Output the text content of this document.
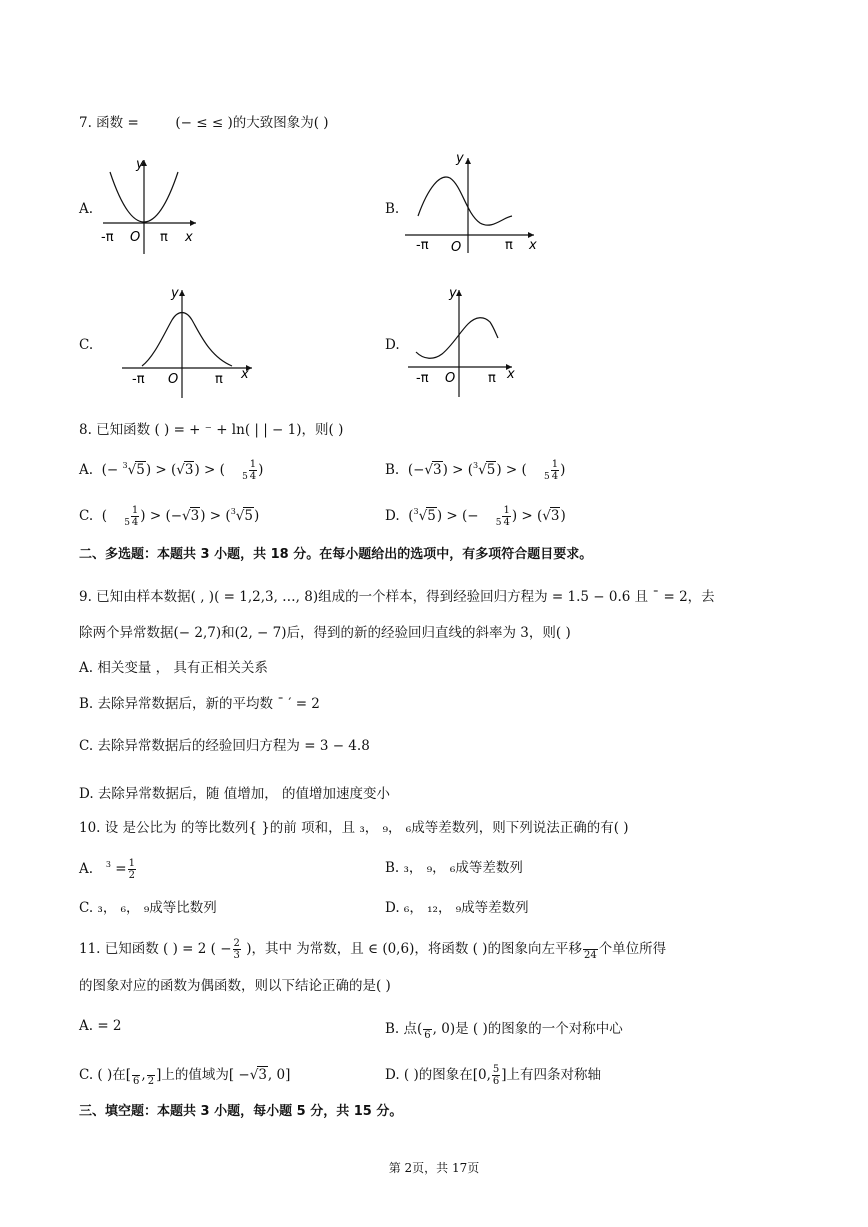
7. 函数 =	(− ≤ ≤ )的大致图象为( )
A.	B.
C.	D.
y
-π O π x
y
-π O	π x
y
-π O	π x
y
-π O	π x
8. 已知函数 ( ) = + ⁻ + ln( | | − 1)，则( )
A. (− $^3$√5) > (√3) > ( $_5 \frac{1}{4}$ )	B. (−√3) > ($^3$√5) > ( $_5 \frac{1}{4}$ )
C. ( $_5 \frac{1}{4}$ ) > (−√3) > ($^3$√5)	D. ($^3$√5) > (− $_5 \frac{1}{4}$ ) > (√3)
二、多选题：本题共 3 小题，共 18 分。在每小题给出的选项中，有多项符合题目要求。
9. 已知由样本数据( , )( = 1,2,3, …, 8)组成的一个样本，得到经验回归方程为 = 1.5 − 0.6 且 ¯ = 2，去
除两个异常数据(− 2,7)和(2, − 7)后，得到的新的经验回归直线的斜率为 3，则( )
A. 相关变量 ， 具有正相关关系
B. 去除异常数据后，新的平均数 ¯ ′ = 2
C. 去除异常数据后的经验回归方程为 = 3 − 4.8
D. 去除异常数据后，随 值增加， 的值增加速度变小
10. 设 是公比为 的等比数列{ }的前 项和，且 ₃， ₉， ₆成等差数列，则下列说法正确的有( )
A. $^3 = \frac{1}{2}$	B. ₃， ₉， ₆成等差数列
C. ₃， ₆， ₉成等比数列	D. ₆， ₁₂， ₉成等差数列
11. 已知函数 ( ) = 2 ( − $\frac{2}{3}$ )，其中 为常数，且 ∈ (0,6)，将函数 ( )的图象向左平移
24 个单位所得
的图象对应的函数为偶函数，则以下结论正确的是( )
A. = 2	B. 点(
6 , 0)是 ( )的图象的一个对称中心
C. ( )在[
6 ,
2 ]上的值域为[ −√3, 0]	D. ( )的图象在[0, $\frac{5}{6}$ ]上有四条对称轴
三、填空题：本题共 3 小题，每小题 5 分，共 15 分。
第 2页，共 17页
